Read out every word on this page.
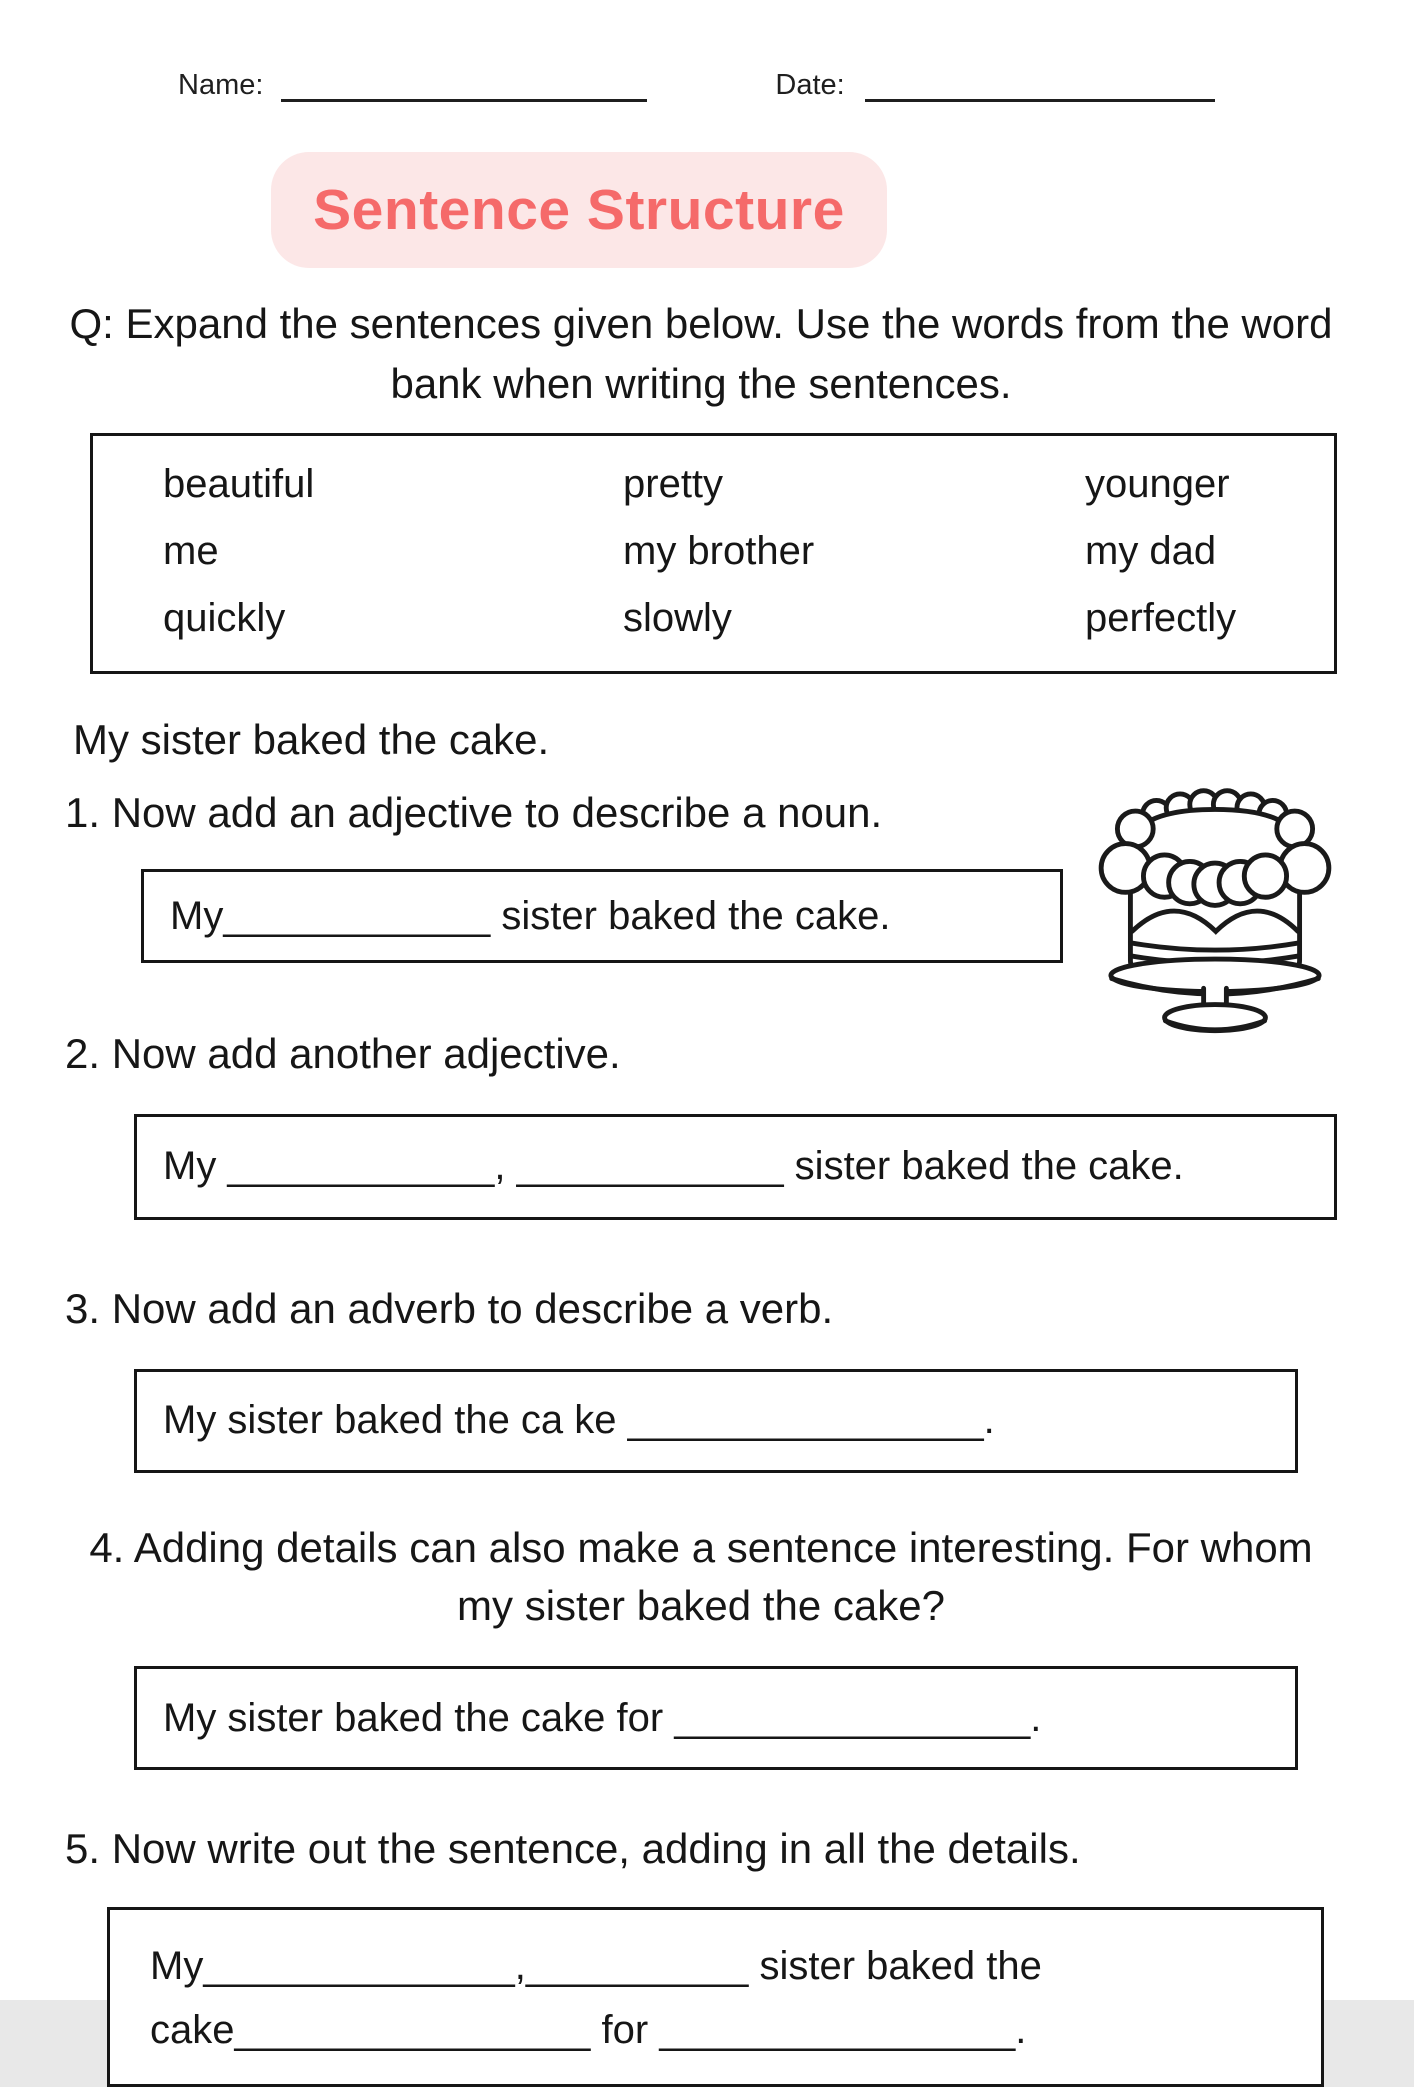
Name:	Date:
Sentence Structure

Q: Expand the sentences given below. Use the words from the word bank when writing the sentences.

beautiful	pretty	younger
me	my brother	my dad
quickly	slowly	perfectly

My sister baked the cake.

1. Now add an adjective to describe a noun.

My____________ sister baked the cake.

2. Now add another adjective.

My ____________, ____________ sister baked the cake.

3. Now add an adverb to describe a verb.

My sister baked the ca ke ________________.

4. Adding details can also make a sentence interesting. For whom my sister baked the cake?

My sister baked the cake for ________________.

5. Now write out the sentence, adding in all the details.

My______________,__________ sister baked the
cake________________ for ________________.
